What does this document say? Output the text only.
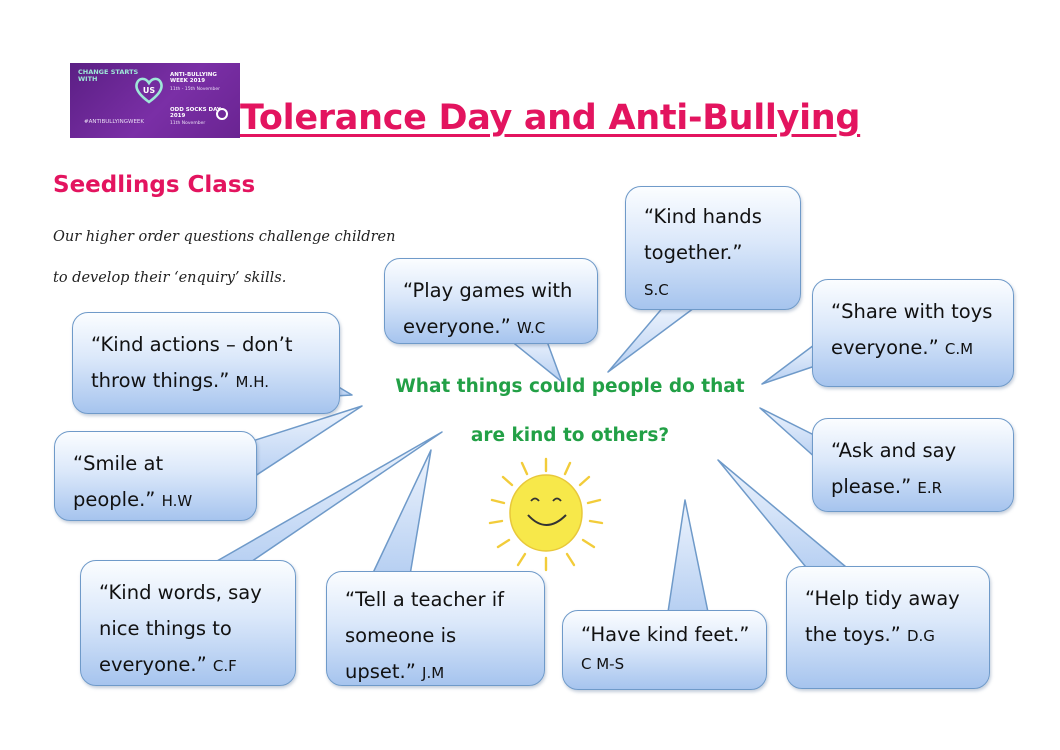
CHANGE STARTS WITH
US
#ANTIBULLYINGWEEK
ANTI-BULLYING WEEK 2019
11th - 15th November
ODD SOCKS DAY 2019
11th November Tolerance Day and Anti-Bullying
Seedlings Class
Our higher order questions challenge children
to develop their ‘enquiry’ skills.
What things could people do that
are kind to others?
“Kind actions – don’t
throw things.” M.H.
“Smile at
people.” H.W
“Play games with
everyone.” W.C
“Kind hands
together.”
S.C
“Share with toys
everyone.” C.M
“Ask and say
please.” E.R
“Kind words, say
nice things to
everyone.” C.F
“Tell a teacher if
someone is
upset.” J.M
“Have kind feet.”
$^{C M-S}$
“Help tidy away
the toys.” D.G
